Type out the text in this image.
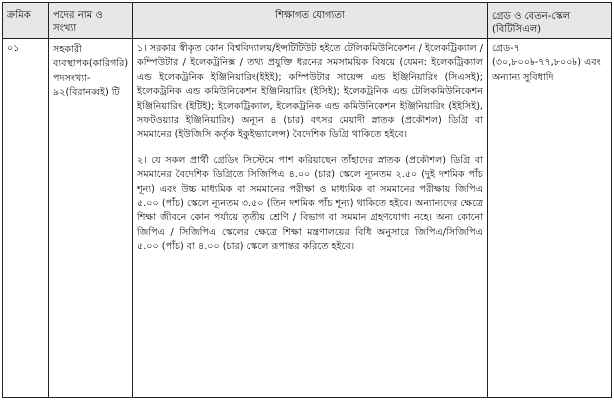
ক্রমিক	পদের নাম ও সংখ্যা	শিক্ষাগত যোগ্যতা	গ্রেড ও বেতন-স্কেল (বিটিসিএল)
০১	সহকারী ব্যবস্থাপক(কারিগরি) পদসংখ্যা- ৯২(বিরানব্বই) টি	১। সরকার স্বীকৃত কোন বিশ্ববিদ্যালয়/ইন্সটিটিউট হইতে টেলিকমিউনিকেশন / ইলেকট্রিক্যাল / কম্পিউটার / ইলেকট্রনিক্স / তথ্য প্রযুক্তি ধরনের সমসাময়িক বিষয়ে (যেমন: ইলেকট্রিক্যাল এন্ড ইলেকট্রনিক ইঞ্জিনিয়ারিং(ইইই); কম্পিউটার সায়েন্স এন্ড ইঞ্জিনিয়ারিং (সিএসই); ইলেকট্রনিক এন্ড কমিউনিকেশন ইঞ্জিনিয়ারিং (ইসিই); ইলেকট্রনিক এন্ড টেলিকমিউনিকেশন ইঞ্জিনিয়ারিং (ইটিই); ইলেকট্রিক্যাল, ইলেকট্রনিক এন্ড কমিউনিকেশন ইঞ্জিনিয়ারিং (ইইসিই), সফটওয়্যার ইঞ্জিনিয়ারিং) অন্যূন ৪ (চার) বৎসর মেয়াদী স্নাতক (প্রকৌশল) ডিগ্রি বা সমমানের (ইউজিসি কর্তৃক ইকুইভ্যালেন্স) বৈদেশিক ডিগ্রি থাকিতে হইবে।

২। যে সকল প্রার্থী গ্রেডিং সিস্টেমে পাশ করিয়াছেন তাঁহাদের স্নাতক (প্রকৌশল) ডিগ্রি বা সমমানের বৈদেশিক ডিগ্রিতে সিজিপিএ ৪.০০ (চার) স্কেলে ন্যূনতম ২.৫০ (দুই দশমিক পাঁচ শূন্য) এবং উচ্চ মাধ্যমিক বা সমমানের পরীক্ষা ও মাধ্যমিক বা সমমানের পরীক্ষায় জিপিএ ৫.০০ (পাঁচ) স্কেলে ন্যূনতম ৩.৫০ (তিন দশমিক পাঁচ শূন্য) থাকিতে হইবে। অন্যান্যদের ক্ষেত্রে শিক্ষা জীবনে কোন পর্যায়ে তৃতীয় শ্রেণি / বিভাগ বা সমমান গ্রহণযোগ্য নহে। অন্য কোনো জিপিএ / সিজিপিএ স্কেলের ক্ষেত্রে শিক্ষা মন্ত্রণালয়ের বিধি অনুসারে জিপিএ/সিজিপিএ ৫.০০ (পাঁচ) বা ৪.০০ (চার) স্কেলে রূপান্তর করিতে হইবে।	গ্রেড-৭ (৩০,৮০০৳-৭৭,৮০০৳) এবং অন্যান্য সুবিধাদি
